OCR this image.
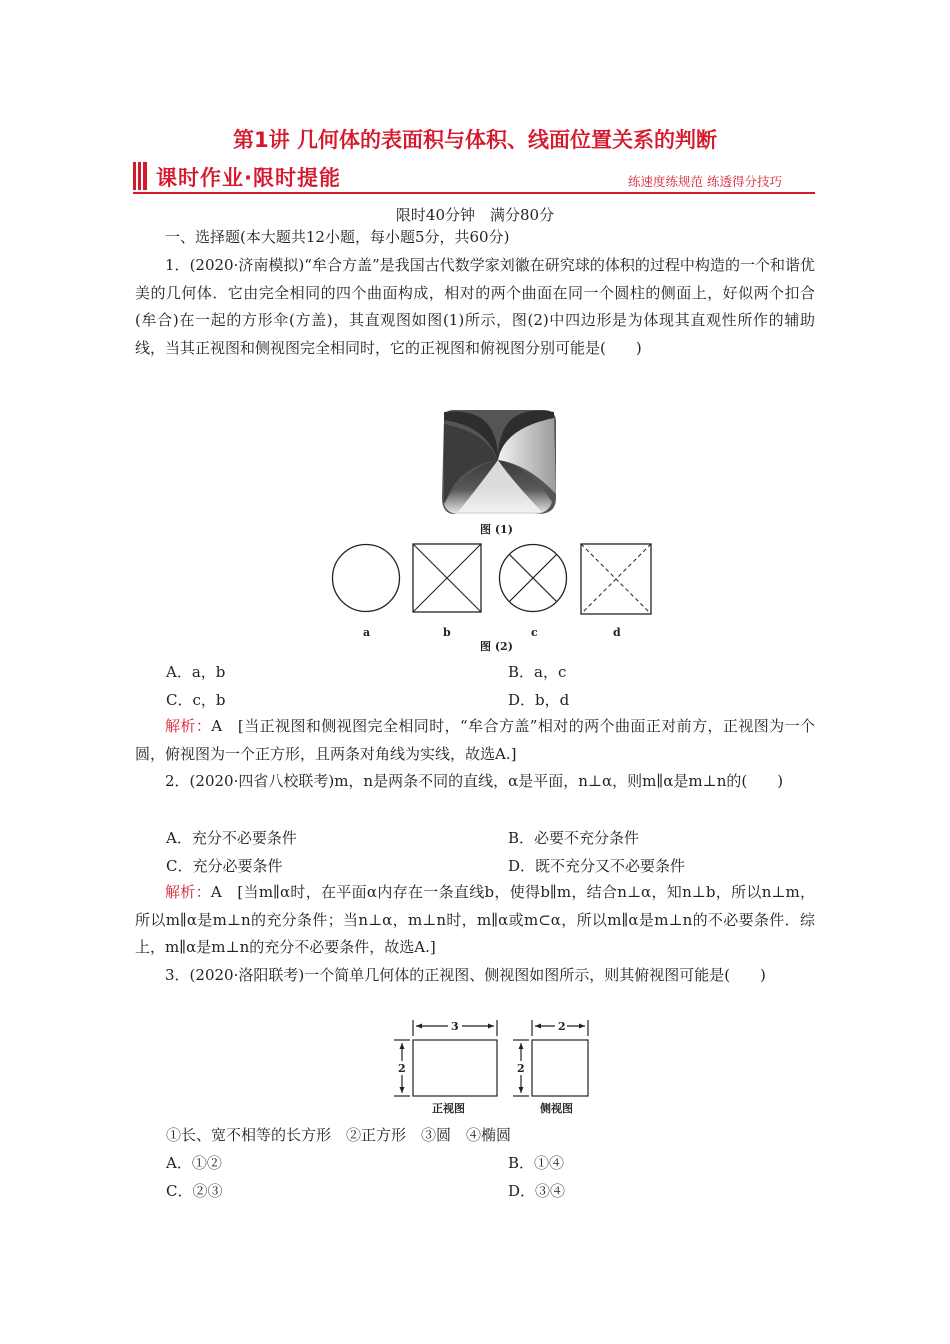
第1讲 几何体的表面积与体积、线面位置关系的判断
课时作业·限时提能	练速度练规范 练透得分技巧
限时40分钟　满分80分
一、选择题(本大题共12小题，每小题5分，共60分)
1．(2020·济南模拟)“牟合方盖”是我国古代数学家刘徽在研究球的体积的过程中构造的一个和谐优美的几何体．它由完全相同的四个曲面构成，相对的两个曲面在同一个圆柱的侧面上，好似两个扣合(牟合)在一起的方形伞(方盖)，其直观图如图(1)所示，图(2)中四边形是为体现其直观性所作的辅助线，当其正视图和侧视图完全相同时，它的正视图和俯视图分别可能是(　　)
图 (1)
a	b	c	d
图 (2)
A．a，b	B．a，c
C．c，b	D．b，d
解析：A　[当正视图和侧视图完全相同时，“牟合方盖”相对的两个曲面正对前方，正视图为一个圆，俯视图为一个正方形，且两条对角线为实线，故选A.]
2．(2020·四省八校联考)m，n是两条不同的直线，α是平面，n⊥α，则m∥α是m⊥n的(　　)
A．充分不必要条件	B．必要不充分条件
C．充分必要条件	D．既不充分又不必要条件
解析：A　[当m∥α时，在平面α内存在一条直线b，使得b∥m，结合n⊥α，知n⊥b，所以n⊥m，所以m∥α是m⊥n的充分条件；当n⊥α，m⊥n时，m∥α或m⊂α，所以m∥α是m⊥n的不必要条件．综上，m∥α是m⊥n的充分不必要条件，故选A.]
3．(2020·洛阳联考)一个简单几何体的正视图、侧视图如图所示，则其俯视图可能是(　　)
3	2
2	2
正视图	侧视图
①长、宽不相等的长方形　②正方形　③圆　④椭圆
A．①②	B．①④
C．②③	D．③④
